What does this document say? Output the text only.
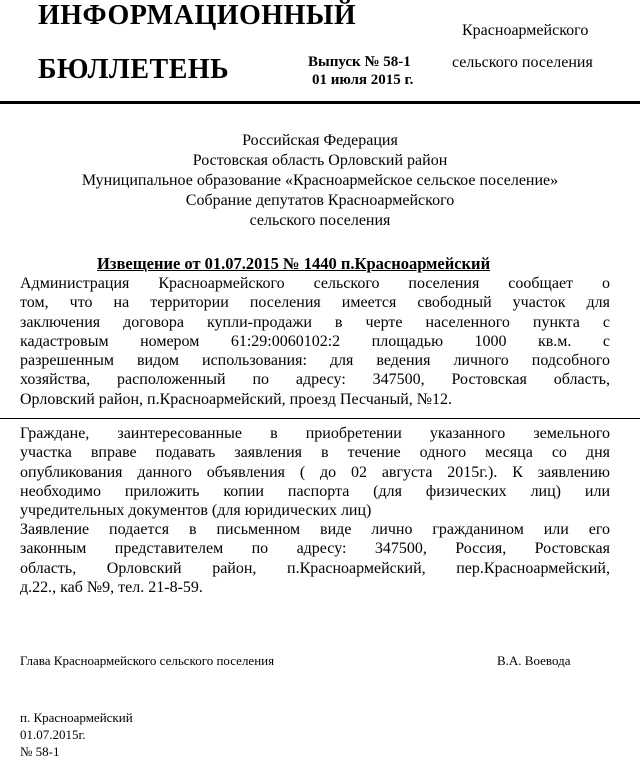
ИНФОРМАЦИОННЫЙ
БЮЛЛЕТЕНЬ	Выпуск № 58-1
01 июля 2015 г.
Красноармейского
сельского поселения
Российская Федерация
Ростовская область Орловский район
Муниципальное образование «Красноармейское сельское поселение»
Собрание депутатов Красноармейского
сельского поселения
Извещение от 01.07.2015 № 1440 п.Красноармейский
Администрация Красноармейского сельского поселения сообщает о
том, что на территории поселения имеется свободный участок для
заключения договора купли-продажи в черте населенного пункта с
кадастровым номером 61:29:0060102:2 площадью 1000 кв.м. с
разрешенным видом использования: для ведения личного подсобного
хозяйства, расположенный по адресу: 347500, Ростовская область,
Орловский район, п.Красноармейский, проезд Песчаный, №12.
Граждане, заинтересованные в приобретении указанного земельного
участка вправе подавать заявления в течение одного месяца со дня
опубликования данного объявления ( до 02 августа 2015г.). К заявлению
необходимо приложить копии паспорта (для физических лиц) или
учредительных документов (для юридических лиц)
Заявление подается в письменном виде лично гражданином или его
законным представителем по адресу: 347500, Россия, Ростовская
область, Орловский район, п.Красноармейский, пер.Красноармейский,
д.22., каб №9, тел. 21-8-59.
Глава Красноармейского сельского поселения	В.А. Воевода
п. Красноармейский
01.07.2015г.
№ 58-1
